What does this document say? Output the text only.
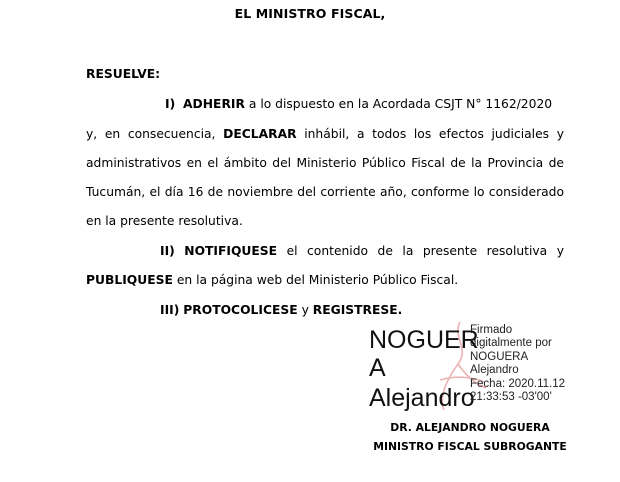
EL MINISTRO FISCAL,
RESUELVE:
I) ADHERIR a lo dispuesto en la Acordada CSJT N° 1162/2020
y, en consecuencia, DECLARAR inhábil, a todos los efectos judiciales y
administrativos en el ámbito del Ministerio Público Fiscal de la Provincia de
Tucumán, el día 16 de noviembre del corriente año, conforme lo considerado
en la presente resolutiva.
II) NOTIFIQUESE el contenido de la presente resolutiva y
PUBLIQUESE en la página web del Ministerio Público Fiscal.
III) PROTOCOLICESE y REGISTRESE.
NOGUER
A
Alejandro
Firmado
digitalmente por
NOGUERA
Alejandro
Fecha: 2020.11.12
21:33:53 -03'00'
DR. ALEJANDRO NOGUERA
MINISTRO FISCAL SUBROGANTE
